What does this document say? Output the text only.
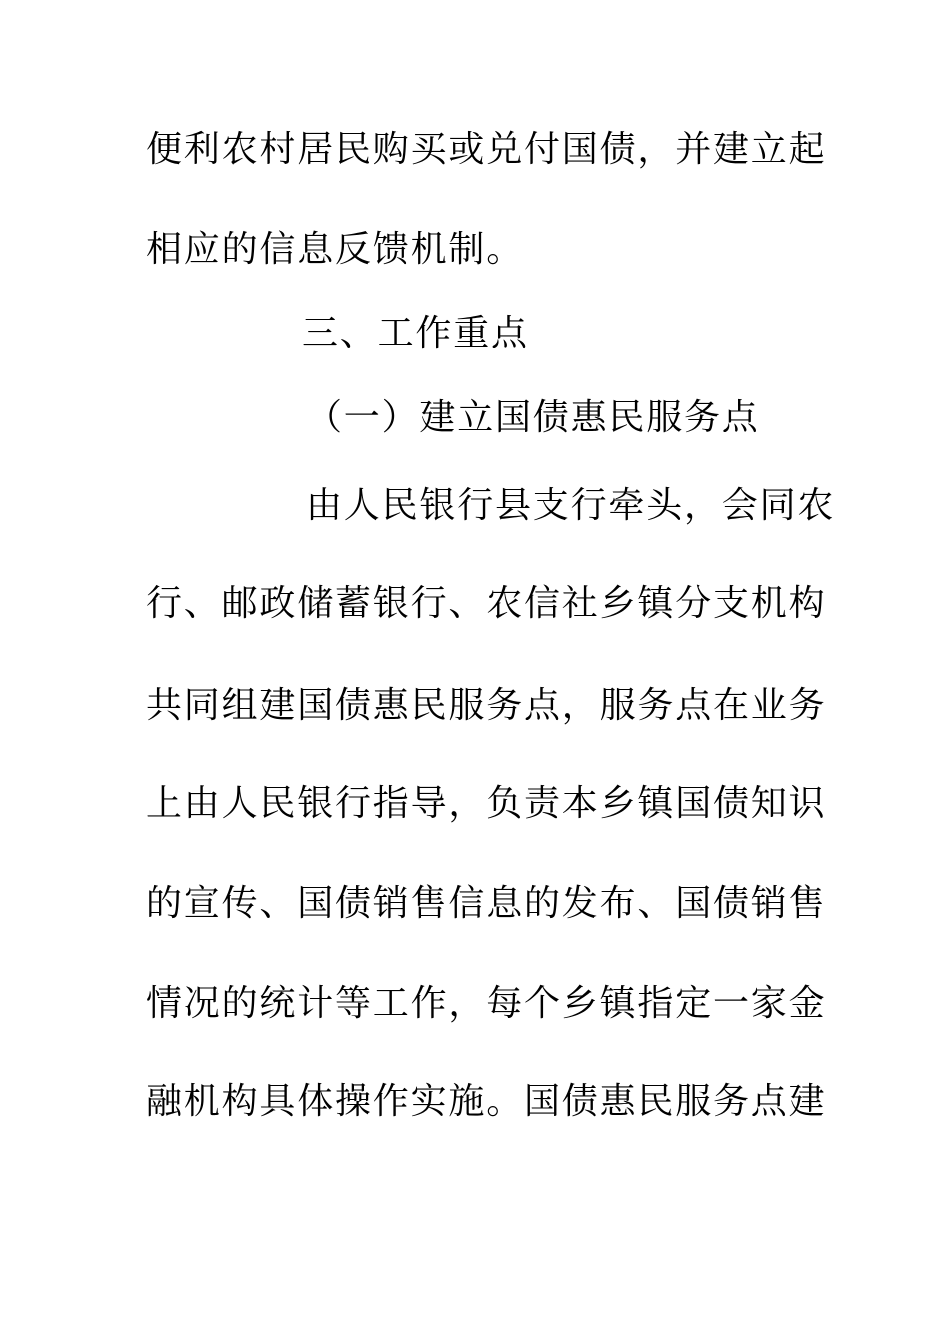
便利农村居民购买或兑付国债，并建立起
相应的信息反馈机制。
三、工作重点
（一）建立国债惠民服务点
由人民银行县支行牵头，会同农
行、邮政储蓄银行、农信社乡镇分支机构
共同组建国债惠民服务点，服务点在业务
上由人民银行指导，负责本乡镇国债知识
的宣传、国债销售信息的发布、国债销售
情况的统计等工作，每个乡镇指定一家金
融机构具体操作实施。国债惠民服务点建
